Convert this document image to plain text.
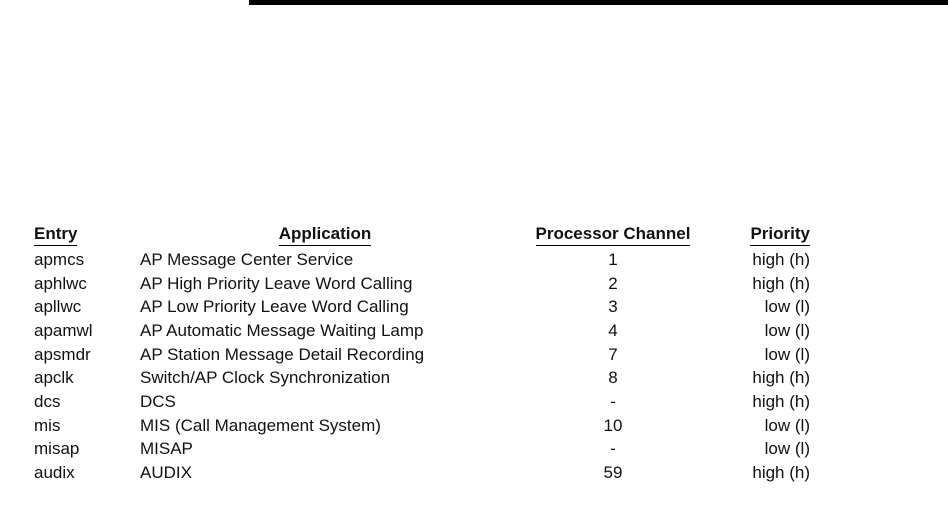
Entry	Application	Processor Channel	Priority
apmcs	AP Message Center Service	1	high (h)
aphlwc	AP High Priority Leave Word Calling	2	high (h)
apllwc	AP Low Priority Leave Word Calling	3	low (l)
apamwl	AP Automatic Message Waiting Lamp	4	low (l)
apsmdr	AP Station Message Detail Recording	7	low (l)
apclk	Switch/AP Clock Synchronization	8	high (h)
dcs	DCS	-	high (h)
mis	MIS (Call Management System)	10	low (l)
misap	MISAP	-	low (l)
audix	AUDIX	59	high (h)
